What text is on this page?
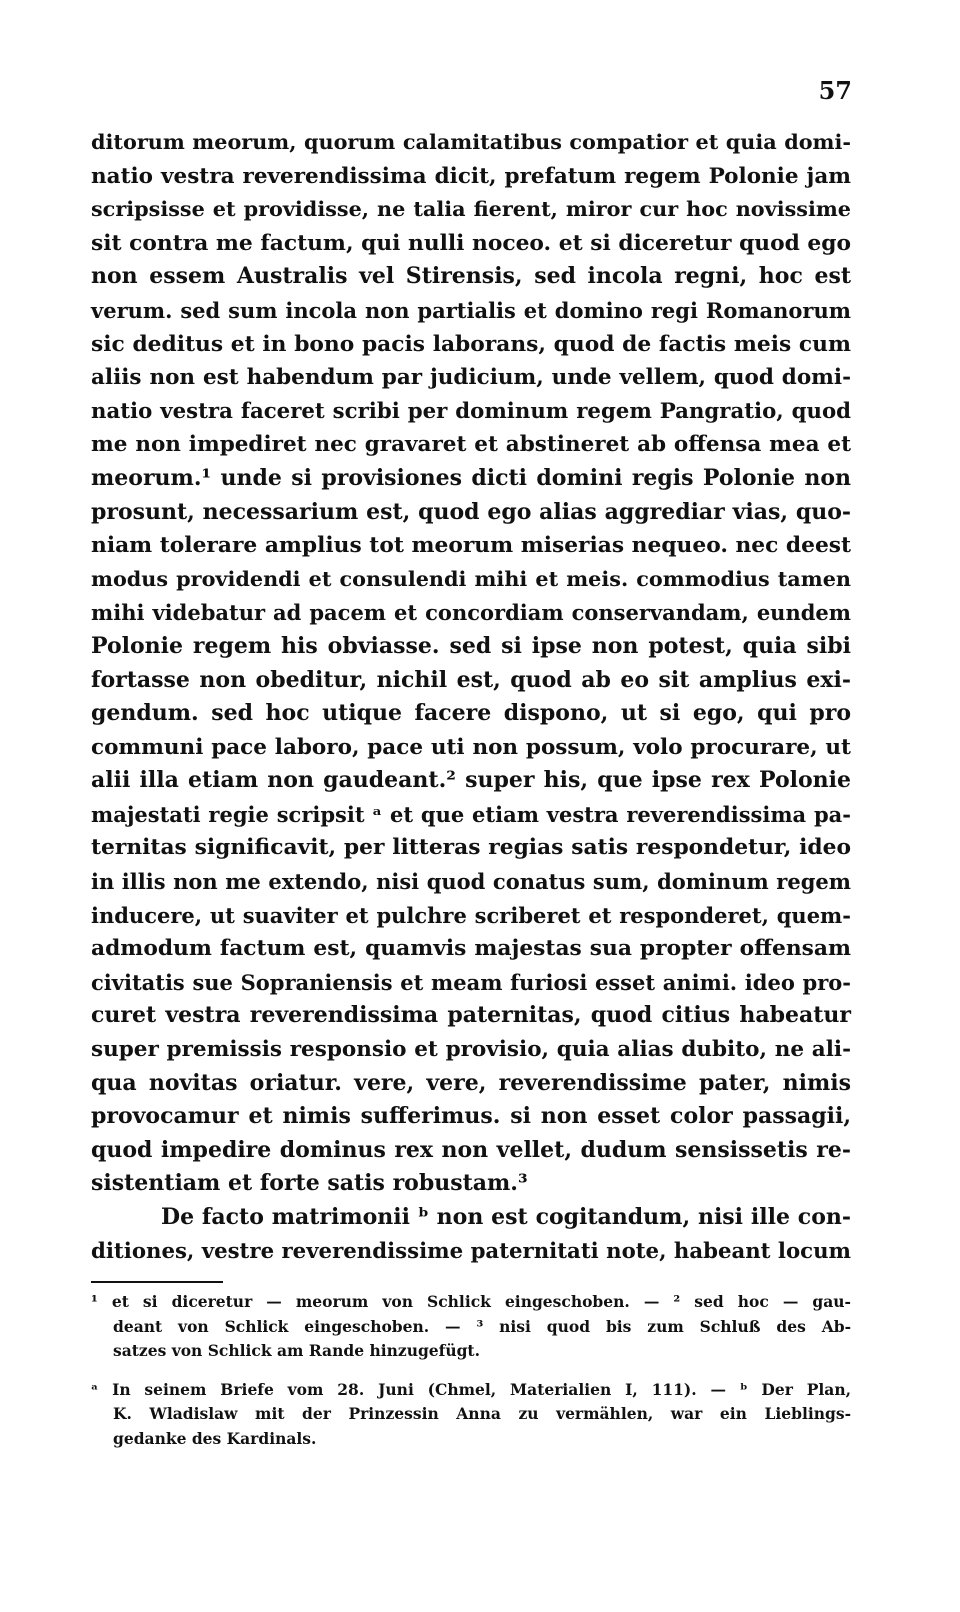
57
ditorum meorum, quorum calamitatibus compatior et quia domi-
natio vestra reverendissima dicit, prefatum regem Polonie jam
scripsisse et providisse, ne talia fierent, miror cur hoc novissime
sit contra me factum, qui nulli noceo. et si diceretur quod ego
non essem Australis vel Stirensis, sed incola regni, hoc est
verum. sed sum incola non partialis et domino regi Romanorum
sic deditus et in bono pacis laborans, quod de factis meis cum
aliis non est habendum par judicium, unde vellem, quod domi-
natio vestra faceret scribi per dominum regem Pangratio, quod
me non impediret nec gravaret et abstineret ab offensa mea et
meorum.¹ unde si provisiones dicti domini regis Polonie non
prosunt, necessarium est, quod ego alias aggrediar vias, quo-
niam tolerare amplius tot meorum miserias nequeo. nec deest
modus providendi et consulendi mihi et meis. commodius tamen
mihi videbatur ad pacem et concordiam conservandam, eundem
Polonie regem his obviasse. sed si ipse non potest, quia sibi
fortasse non obeditur, nichil est, quod ab eo sit amplius exi-
gendum. sed hoc utique facere dispono, ut si ego, qui pro
communi pace laboro, pace uti non possum, volo procurare, ut
alii illa etiam non gaudeant.² super his, que ipse rex Polonie
majestati regie scripsit ᵃ et que etiam vestra reverendissima pa-
ternitas significavit, per litteras regias satis respondetur, ideo
in illis non me extendo, nisi quod conatus sum, dominum regem
inducere, ut suaviter et pulchre scriberet et responderet, quem-
admodum factum est, quamvis majestas sua propter offensam
civitatis sue Sopraniensis et meam furiosi esset animi. ideo pro-
curet vestra reverendissima paternitas, quod citius habeatur
super premissis responsio et provisio, quia alias dubito, ne ali-
qua novitas oriatur. vere, vere, reverendissime pater, nimis
provocamur et nimis sufferimus. si non esset color passagii,
quod impedire dominus rex non vellet, dudum sensissetis re-
sistentiam et forte satis robustam.³
De facto matrimonii ᵇ non est cogitandum, nisi ille con-
ditiones, vestre reverendissime paternitati note, habeant locum
¹ et si diceretur — meorum von Schlick eingeschoben. — ² sed hoc — gau-
deant von Schlick eingeschoben. — ³ nisi quod bis zum Schluß des Ab-
satzes von Schlick am Rande hinzugefügt.
ᵃ In seinem Briefe vom 28. Juni (Chmel, Materialien I, 111). — ᵇ Der Plan,
K. Wladislaw mit der Prinzessin Anna zu vermählen, war ein Lieblings-
gedanke des Kardinals.
